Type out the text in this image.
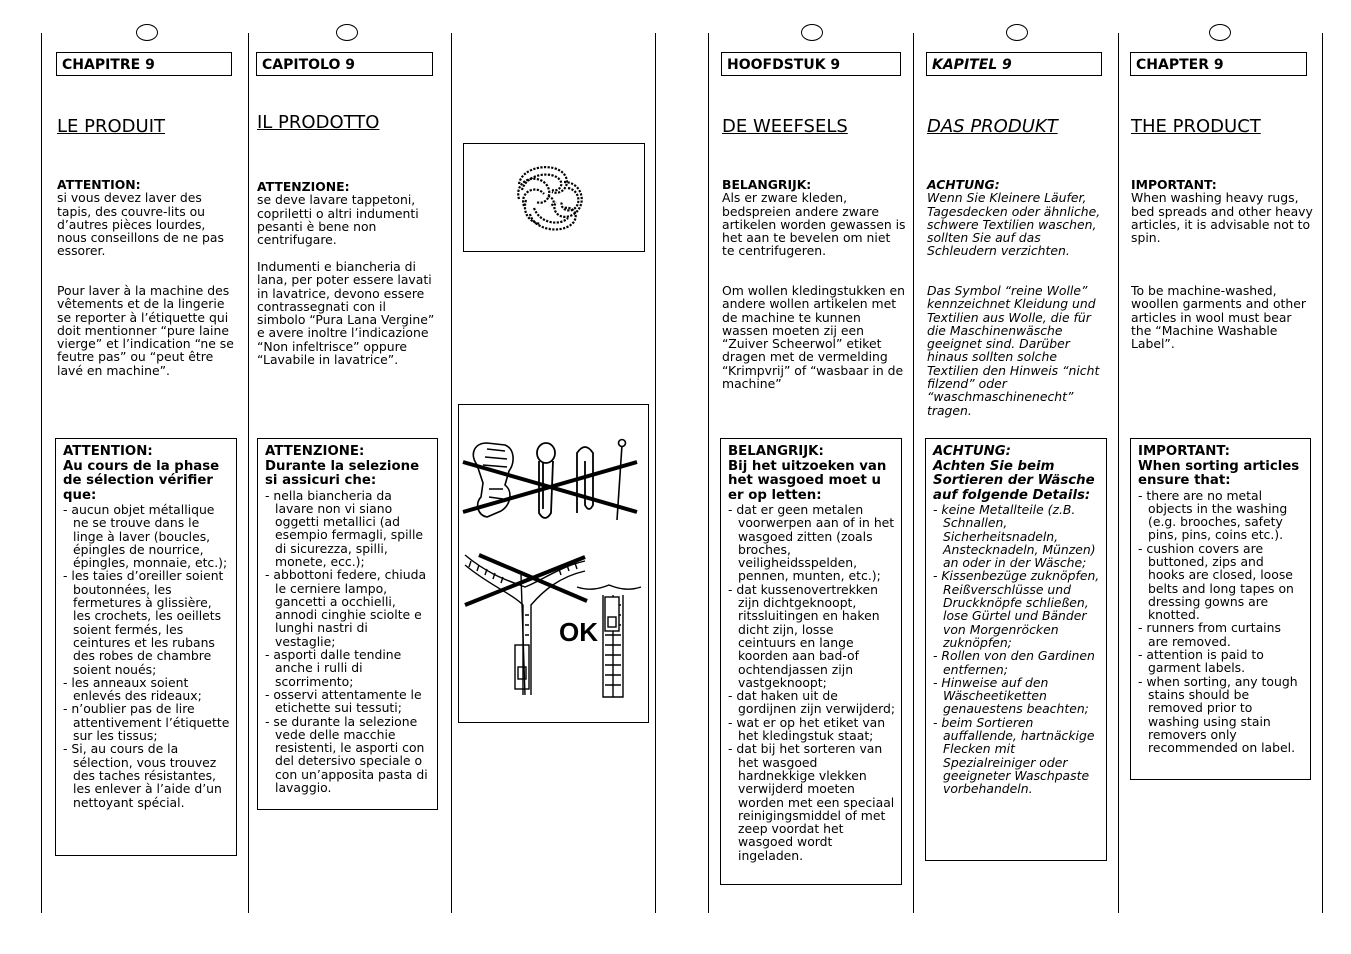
CHAPITRE 9
LE PRODUIT
ATTENTION:
si vous devez laver des tapis, des couvre-lits ou d’autres pièces lourdes, nous conseillons de ne pas essorer.
Pour laver à la machine des vêtements et de la lingerie se reporter à l’étiquette qui doit mentionner “pure laine vierge” et l’indication “ne se feutre pas” ou “peut être lavé en machine”.
ATTENTION:
Au cours de la phase de sélection vérifier que:
- aucun objet métallique ne se trouve dans le linge à laver (boucles, épingles de nourrice, épingles, monnaie, etc.);
- les taies d’oreiller soient boutonnées, les fermetures à glissière, les crochets, les oeillets soient fermés, les ceintures et les rubans des robes de chambre soient noués;
- les anneaux soient enlevés des rideaux;
- n’oublier pas de lire attentivement l’étiquette sur les tissus;
- Si, au cours de la sélection, vous trouvez des taches résistantes, les enlever à l’aide d’un nettoyant spécial.
CAPITOLO 9
IL PRODOTTO
ATTENZIONE:
se deve lavare tappetoni, copriletti o altri indumenti pesanti è bene non centrifugare.
Indumenti e biancheria di lana, per poter essere lavati in lavatrice, devono essere contrassegnati con il simbolo “Pura Lana Vergine” e avere inoltre l’indicazione “Non infeltrisce” oppure “Lavabile in lavatrice”.
ATTENZIONE:
Durante la selezione si assicuri che:
- nella biancheria da lavare non vi siano oggetti metallici (ad esempio fermagli, spille di sicurezza, spilli, monete, ecc.);
- abbottoni federe, chiuda le cerniere lampo, gancetti a occhielli, annodi cinghie sciolte e lunghi nastri di vestaglie;
- asporti dalle tendine anche i rulli di scorrimento;
- osservi attentamente le etichette sui tessuti;
- se durante la selezione vede delle macchie resistenti, le asporti con del detersivo speciale o con un’apposita pasta di lavaggio.
OK
HOOFDSTUK 9
DE WEEFSELS
BELANGRIJK:
Als er zware kleden, bedspreien andere zware artikelen worden gewassen is het aan te bevelen om niet te centrifugeren.
Om wollen kledingstukken en andere wollen artikelen met de machine te kunnen wassen moeten zij een “Zuiver Scheerwol” etiket dragen met de vermelding “Krimpvrij” of “wasbaar in de machine”
BELANGRIJK:
Bij het uitzoeken van het wasgoed moet u er op letten:
- dat er geen metalen voorwerpen aan of in het wasgoed zitten (zoals broches, veiligheidsspelden, pennen, munten, etc.);
- dat kussenovertrekken zijn dichtgeknoopt, ritssluitingen en haken dicht zijn, losse ceintuurs en lange koorden aan bad-of ochtendjassen zijn vastgeknoopt;
- dat haken uit de gordijnen zijn verwijderd;
- wat er op het etiket van het kledingstuk staat;
- dat bij het sorteren van het wasgoed hardnekkige vlekken verwijderd moeten worden met een speciaal reinigingsmiddel of met zeep voordat het wasgoed wordt ingeladen.
KAPITEL 9
DAS PRODUKT
ACHTUNG:
Wenn Sie Kleinere Läufer, Tagesdecken oder ähnliche, schwere Textilien waschen, sollten Sie auf das Schleudern verzichten.
Das Symbol “reine Wolle” kennzeichnet Kleidung und Textilien aus Wolle, die für die Maschinenwäsche geeignet sind. Darüber hinaus sollten solche Textilien den Hinweis “nicht filzend” oder “waschmaschinenecht” tragen.
ACHTUNG:
Achten Sie beim Sortieren der Wäsche auf folgende Details:
- keine Metallteile (z.B. Schnallen, Sicherheitsnadeln, Anstecknadeln, Münzen) an oder in der Wäsche;
- Kissenbezüge zuknöpfen, Reißverschlüsse und Druckknöpfe schließen, lose Gürtel und Bänder von Morgenröcken zuknöpfen;
- Rollen von den Gardinen entfernen;
- Hinweise auf den Wäscheetiketten genauestens beachten;
- beim Sortieren auffallende, hartnäckige Flecken mit Spezialreiniger oder geeigneter Waschpaste vorbehandeln.
CHAPTER 9
THE PRODUCT
IMPORTANT:
When washing heavy rugs, bed spreads and other heavy articles, it is advisable not to spin.
To be machine-washed, woollen garments and other articles in wool must bear the “Machine Washable Label”.
IMPORTANT:
When sorting articles ensure that:
- there are no metal objects in the washing (e.g. brooches, safety pins, pins, coins etc.).
- cushion covers are buttoned, zips and hooks are closed, loose belts and long tapes on dressing gowns are knotted.
- runners from curtains are removed.
- attention is paid to garment labels.
- when sorting, any tough stains should be removed prior to washing using stain removers only recommended on label.
